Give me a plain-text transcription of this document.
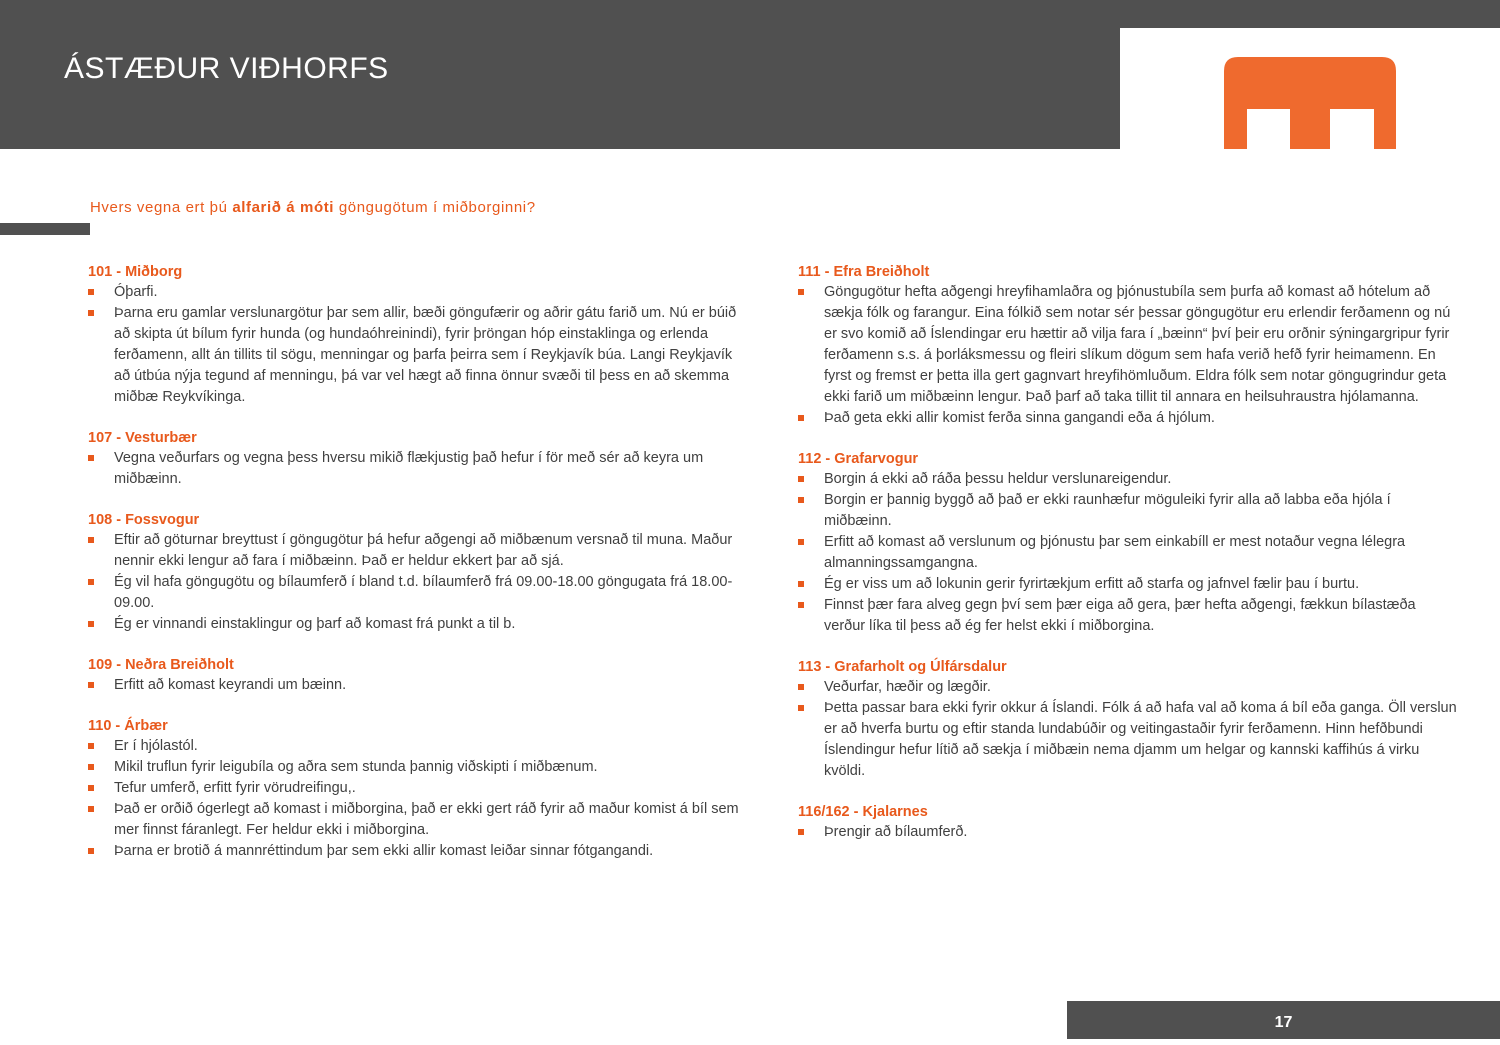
ÁSTÆÐUR VIÐHORFS
Hvers vegna ert þú alfarið á móti göngugötum í miðborginni?
101 - Miðborg
Óþarfi.
Þarna eru gamlar verslunargötur þar sem allir, bæði göngufærir og aðrir gátu farið um. Nú er búið að skipta út bílum fyrir hunda (og hundaóhreinindi), fyrir þröngan hóp einstaklinga og erlenda ferðamenn, allt án tillits til sögu, menningar og þarfa þeirra sem í Reykjavík búa. Langi Reykjavík að útbúa nýja tegund af menningu, þá var vel hægt að finna önnur svæði til þess en að skemma miðbæ Reykvíkinga.
107 - Vesturbær
Vegna veðurfars og vegna þess hversu mikið flækjustig það hefur í för með sér að keyra um miðbæinn.
108 - Fossvogur
Eftir að göturnar breyttust í göngugötur þá hefur aðgengi að miðbænum versnað til muna. Maður nennir ekki lengur að fara í miðbæinn. Það er heldur ekkert þar að sjá.
Ég vil hafa göngugötu og bílaumferð í bland t.d. bílaumferð frá 09.00-18.00 göngugata frá 18.00-09.00.
Ég er vinnandi einstaklingur og þarf að komast frá punkt a til b.
109 - Neðra Breiðholt
Erfitt að komast keyrandi um bæinn.
110 - Árbær
Er í hjólastól.
Mikil truflun fyrir leigubíla og aðra sem stunda þannig viðskipti í miðbænum.
Tefur umferð, erfitt fyrir vörudreifingu,.
Það er orðið ógerlegt að komast i miðborgina, það er ekki gert ráð fyrir að maður komist á bíl sem mer finnst fáranlegt. Fer heldur ekki i miðborgina.
Þarna er brotið á mannréttindum þar sem ekki allir komast leiðar sinnar fótgangandi.
111 - Efra Breiðholt
Göngugötur hefta aðgengi hreyfihamlaðra og þjónustubíla sem þurfa að komast að hótelum að sækja fólk og farangur. Eina fólkið sem notar sér þessar göngugötur eru erlendir ferðamenn og nú er svo komið að Íslendingar eru hættir að vilja fara í „bæinn“ því þeir eru orðnir sýningargripur fyrir ferðamenn s.s. á þorláksmessu og fleiri slíkum dögum sem hafa verið hefð fyrir heimamenn. En fyrst og fremst er þetta illa gert gagnvart hreyfihömluðum. Eldra fólk sem notar göngugrindur geta ekki farið um miðbæinn lengur. Það þarf að taka tillit til annara en heilsuhraustra hjólamanna.
Það geta ekki allir komist ferða sinna gangandi eða á hjólum.
112 - Grafarvogur
Borgin á ekki að ráða þessu heldur verslunareigendur.
Borgin er þannig byggð að það er ekki raunhæfur möguleiki fyrir alla að labba eða hjóla í miðbæinn.
Erfitt að komast að verslunum og þjónustu þar sem einkabíll er mest notaður vegna lélegra almanningssamgangna.
Ég er viss um að lokunin gerir fyrirtækjum erfitt að starfa og jafnvel fælir þau í burtu.
Finnst þær fara alveg gegn því sem þær eiga að gera, þær hefta aðgengi, fækkun bílastæða verður líka til þess að ég fer helst ekki í miðborgina.
113 - Grafarholt og Úlfársdalur
Veðurfar, hæðir og lægðir.
Þetta passar bara ekki fyrir okkur á Íslandi. Fólk á að hafa val að koma á bíl eða ganga. Öll verslun er að hverfa burtu og eftir standa lundabúðir og veitingastaðir fyrir ferðamenn. Hinn hefðbundi Íslendingur hefur lítið að sækja í miðbæin nema djamm um helgar og kannski kaffihús á virku kvöldi.
116/162 - Kjalarnes
Þrengir að bílaumferð.
17
